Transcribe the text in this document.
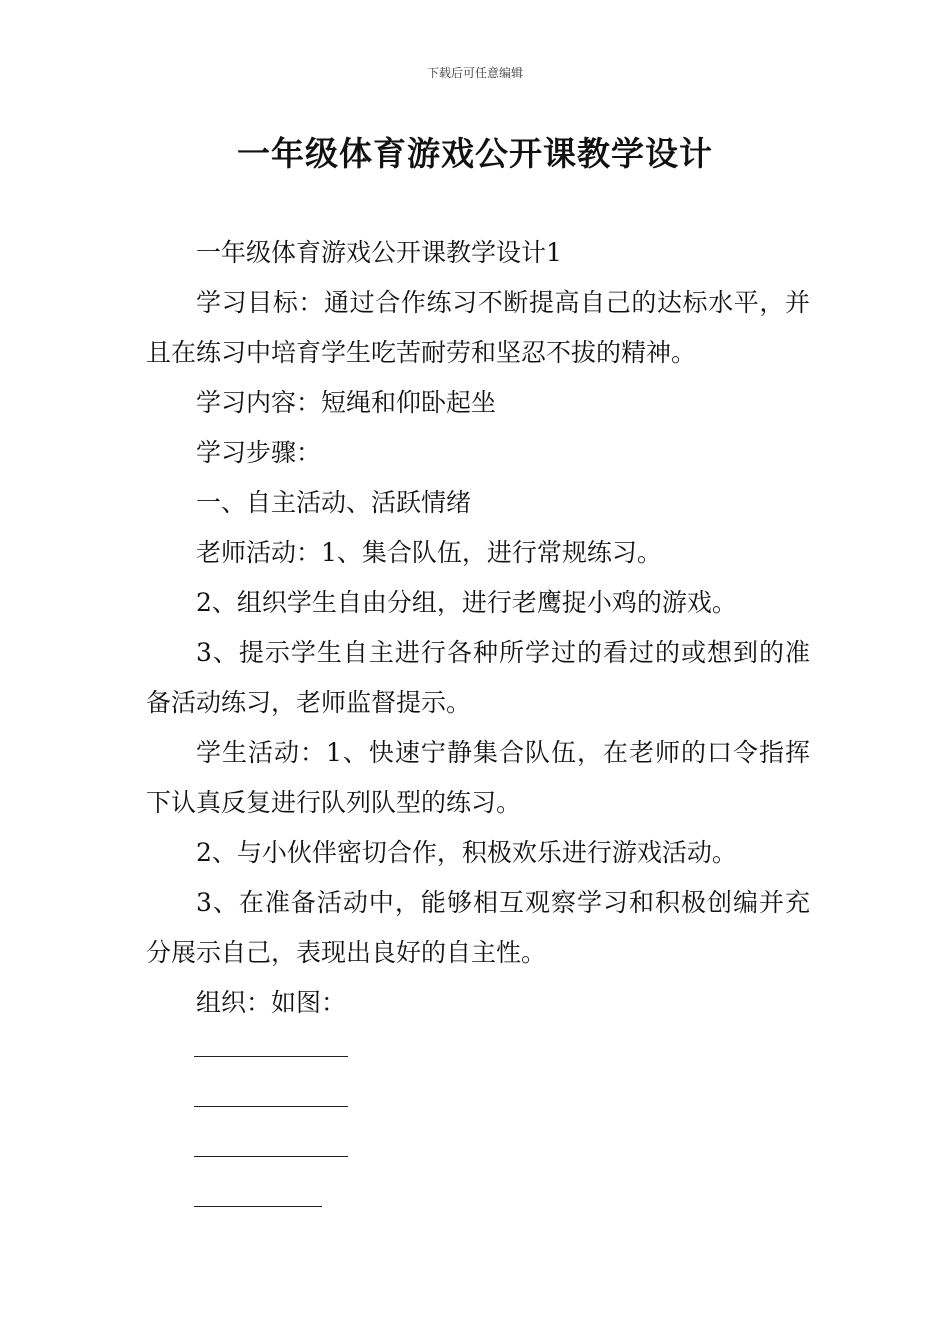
下载后可任意编辑
一年级体育游戏公开课教学设计

一年级体育游戏公开课教学设计1

学习目标：通过合作练习不断提高自己的达标水平，并且在练习中培育学生吃苦耐劳和坚忍不拔的精神。

学习内容：短绳和仰卧起坐

学习步骤：

一、自主活动、活跃情绪

老师活动：1、集合队伍，进行常规练习。

2、组织学生自由分组，进行老鹰捉小鸡的游戏。

3、提示学生自主进行各种所学过的看过的或想到的准备活动练习，老师监督提示。

学生活动：1、快速宁静集合队伍，在老师的口令指挥下认真反复进行队列队型的练习。

2、与小伙伴密切合作，积极欢乐进行游戏活动。

3、在准备活动中，能够相互观察学习和积极创编并充分展示自己，表现出良好的自主性。

组织：如图：
